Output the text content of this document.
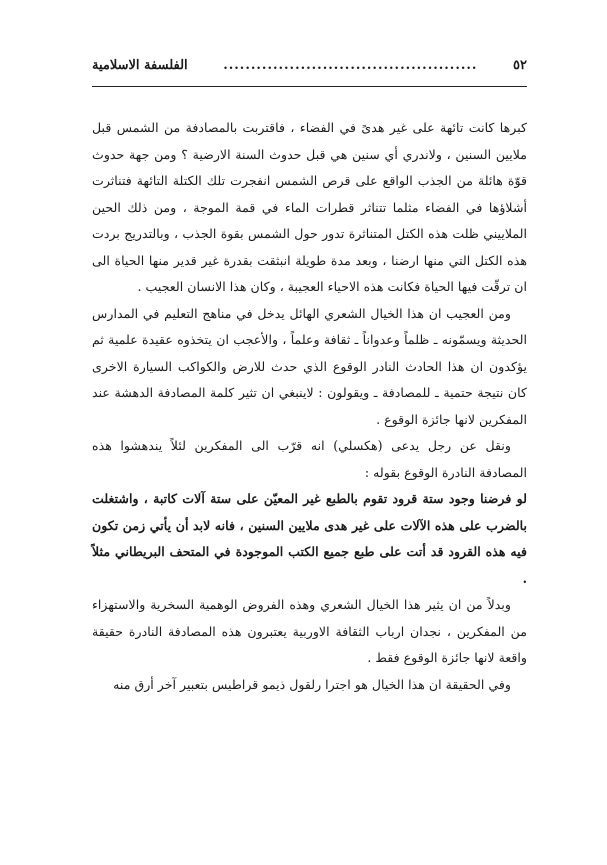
٥٢
..............................................
الفلسفة الاسلامية

كبرها كانت تائهة على غير هدىً في الفضاء ، فاقتربت بالمصادفة من الشمس قبل ملايين السنين ، ولاندري أي سنين هي قبل حدوث السنة الارضية ؟ ومن جهة حدوث قوّة هائلة من الجذب الواقع على قرص الشمس انفجرت تلك الكتلة التائهة فتناثرت أشلاؤها في الفضاء مثلما تتناثر قطرات الماء في قمة الموجة ، ومن ذلك الحين الملاييني ظلت هذه الكتل المتناثرة تدور حول الشمس بقوة الجذب ، وبالتدريج بردت هذه الكتل التي منها ارضنا ، وبعد مدة طويلة انبثقت بقدرة غير قدير منها الحياة الى ان ترقّت فيها الحياة فكانت هذه الاحياء العجيبة ، وكان هذا الانسان العجيب .

ومن العجيب ان هذا الخيال الشعري الهائل يدخل في مناهج التعليم في المدارس الحديثة ويسمّونه ـ ظلماً وعدواناً ـ ثقافة وعلماً ، والأعجب ان يتخذوه عقيدة علمية ثم يؤكدون ان هذا الحادث النادر الوقوع الذي حدث للارض والكواكب السيارة الاخرى كان نتيجة حتمية ـ للمصادفة ـ ويقولون : لاينبغي ان تثير كلمة المصادفة الدهشة عند المفكرين لانها جائزة الوقوع .

ونقل عن رجل يدعى (هكسلي) انه قرّب الى المفكرين لئلاً يندهشوا هذه المصادفة النادرة الوقوع بقوله :

لو فرضنا وجود ستة قرود تقوم بالطبع غير المعيّن على ستة آلات كاتبة ، واشتغلت بالضرب على هذه الآلات على غير هدى ملايين السنين ، فانه لابد أن يأتي زمن تكون فيه هذه القرود قد أتت على طبع جميع الكتب الموجودة في المتحف البريطاني مثلاً .

وبدلاً من ان يثير هذا الخيال الشعري وهذه الفروض الوهمية السخرية والاستهزاء من المفكرين ، نجدان ارباب الثقافة الاوربية يعتبرون هذه المصادفة النادرة حقيقة واقعة لانها جائزة الوقوع فقط .

وفي الحقيقة ان هذا الخيال هو اجترا رلقول ذيمو قراطيس بتعبير آخر أرق منه
